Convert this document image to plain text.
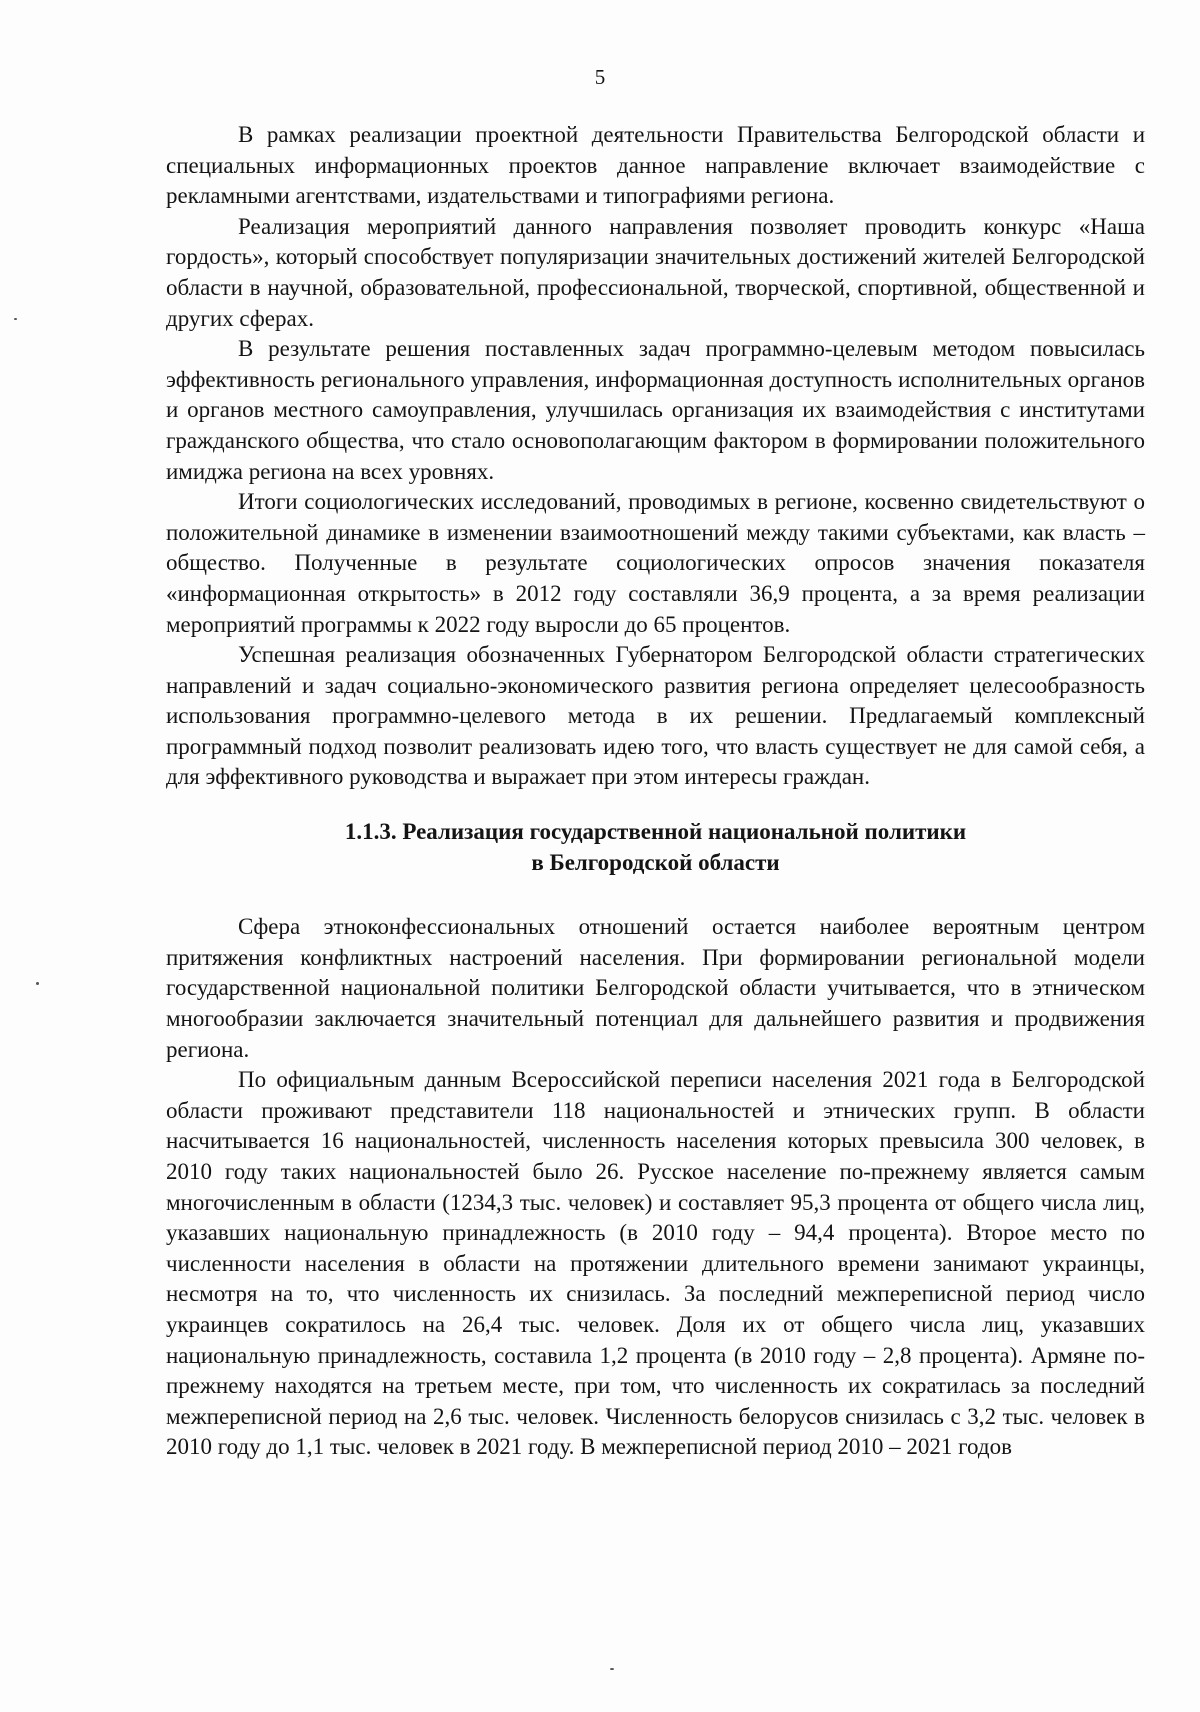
5

В рамках реализации проектной деятельности Правительства Белгородской области и специальных информационных проектов данное направление включает взаимодействие с рекламными агентствами, издательствами и типографиями региона.

Реализация мероприятий данного направления позволяет проводить конкурс «Наша гордость», который способствует популяризации значительных достижений жителей Белгородской области в научной, образовательной, профессиональной, творческой, спортивной, общественной и других сферах.

В результате решения поставленных задач программно-целевым методом повысилась эффективность регионального управления, информационная доступность исполнительных органов и органов местного самоуправления, улучшилась организация их взаимодействия с институтами гражданского общества, что стало основополагающим фактором в формировании положительного имиджа региона на всех уровнях.

Итоги социологических исследований, проводимых в регионе, косвенно свидетельствуют о положительной динамике в изменении взаимоотношений между такими субъектами, как власть – общество. Полученные в результате социологических опросов значения показателя «информационная открытость» в 2012 году составляли 36,9 процента, а за время реализации мероприятий программы к 2022 году выросли до 65 процентов.

Успешная реализация обозначенных Губернатором Белгородской области стратегических направлений и задач социально-экономического развития региона определяет целесообразность использования программно-целевого метода в их решении. Предлагаемый комплексный программный подход позволит реализовать идею того, что власть существует не для самой себя, а для эффективного руководства и выражает при этом интересы граждан.

1.1.3. Реализация государственной национальной политики
в Белгородской области

Сфера этноконфессиональных отношений остается наиболее вероятным центром притяжения конфликтных настроений населения. При формировании региональной модели государственной национальной политики Белгородской области учитывается, что в этническом многообразии заключается значительный потенциал для дальнейшего развития и продвижения региона.

По официальным данным Всероссийской переписи населения 2021 года в Белгородской области проживают представители 118 национальностей и этнических групп. В области насчитывается 16 национальностей, численность населения которых превысила 300 человек, в 2010 году таких национальностей было 26. Русское население по-прежнему является самым многочисленным в области (1234,3 тыс. человек) и составляет 95,3 процента от общего числа лиц, указавших национальную принадлежность (в 2010 году – 94,4 процента). Второе место по численности населения в области на протяжении длительного времени занимают украинцы, несмотря на то, что численность их снизилась. За последний межпереписной период число украинцев сократилось на 26,4 тыс. человек. Доля их от общего числа лиц, указавших национальную принадлежность, составила 1,2 процента (в 2010 году – 2,8 процента). Армяне по-прежнему находятся на третьем месте, при том, что численность их сократилась за последний межпереписной период на 2,6 тыс. человек. Численность белорусов снизилась с 3,2 тыс. человек в 2010 году до 1,1 тыс. человек в 2021 году. В межпереписной период 2010 – 2021 годов
